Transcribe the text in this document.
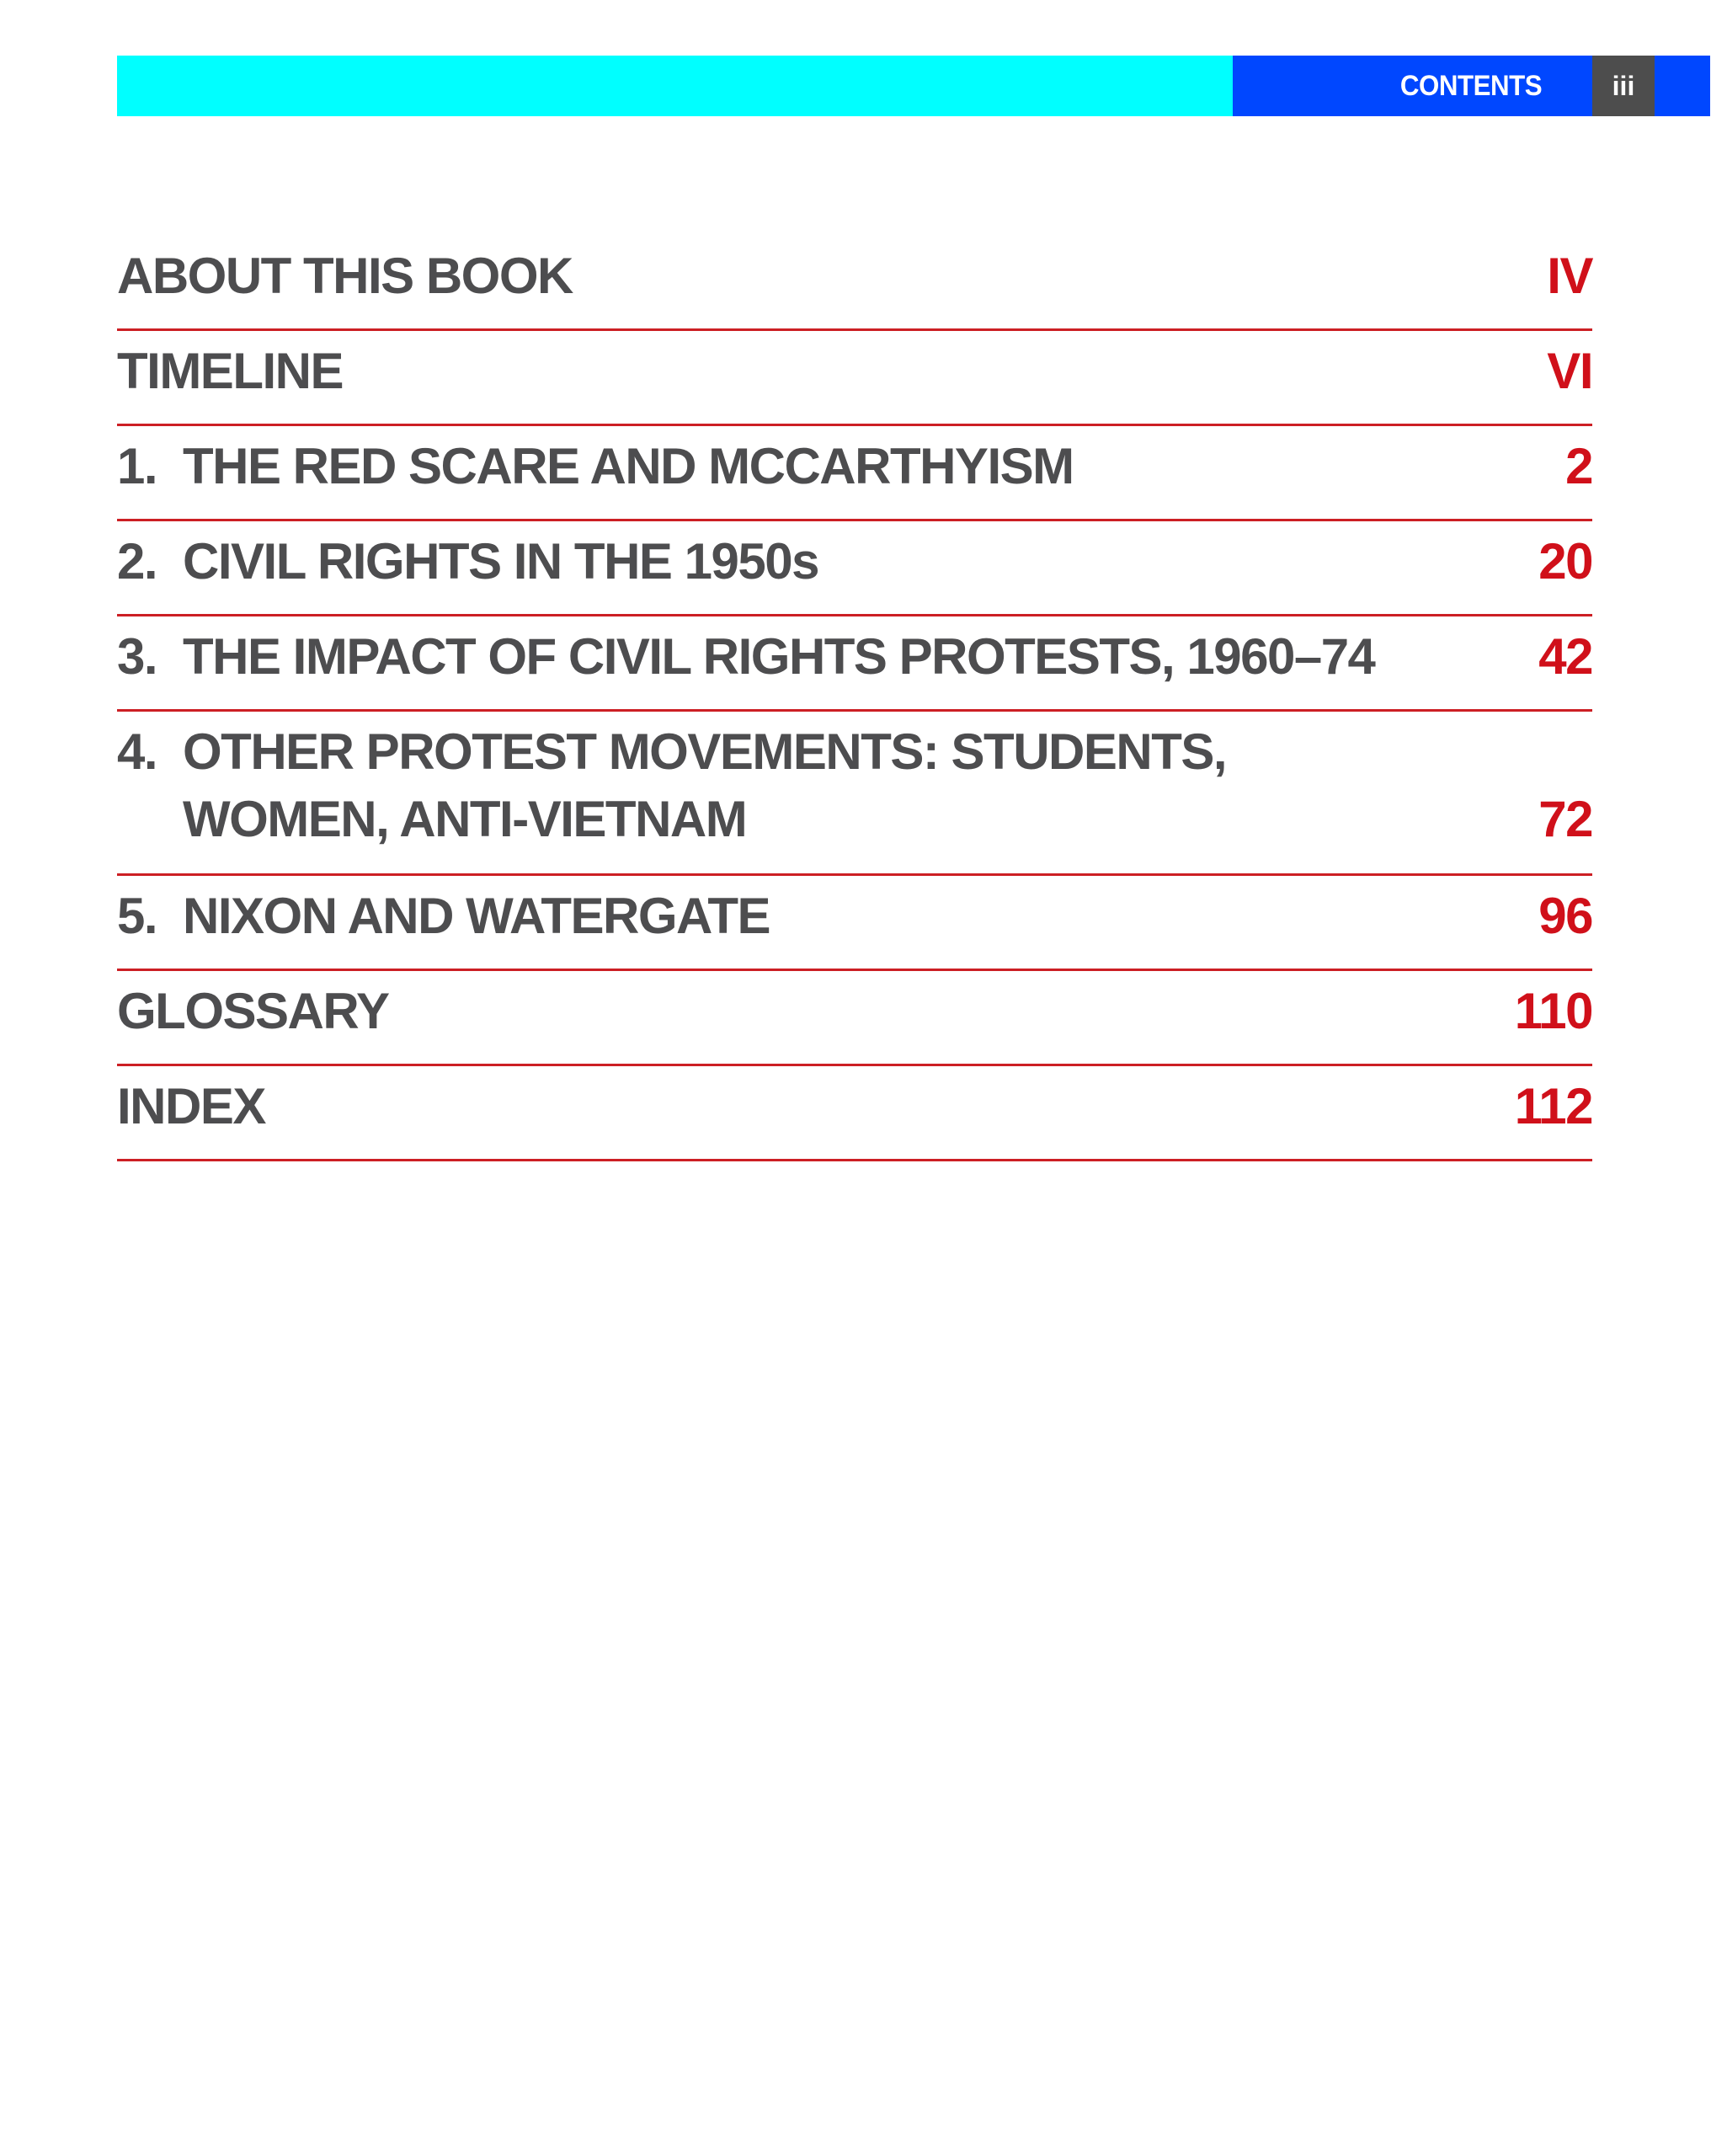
CONTENTS	iii
ABOUT THIS BOOK	IV
TIMELINE	VI
1. THE RED SCARE AND MCCARTHYISM	2
2. CIVIL RIGHTS IN THE 1950s	20
3. THE IMPACT OF CIVIL RIGHTS PROTESTS, 1960–74	42
4. OTHER PROTEST MOVEMENTS: STUDENTS,
WOMEN, ANTI-VIETNAM	72
5. NIXON AND WATERGATE	96
GLOSSARY	110
INDEX	112
